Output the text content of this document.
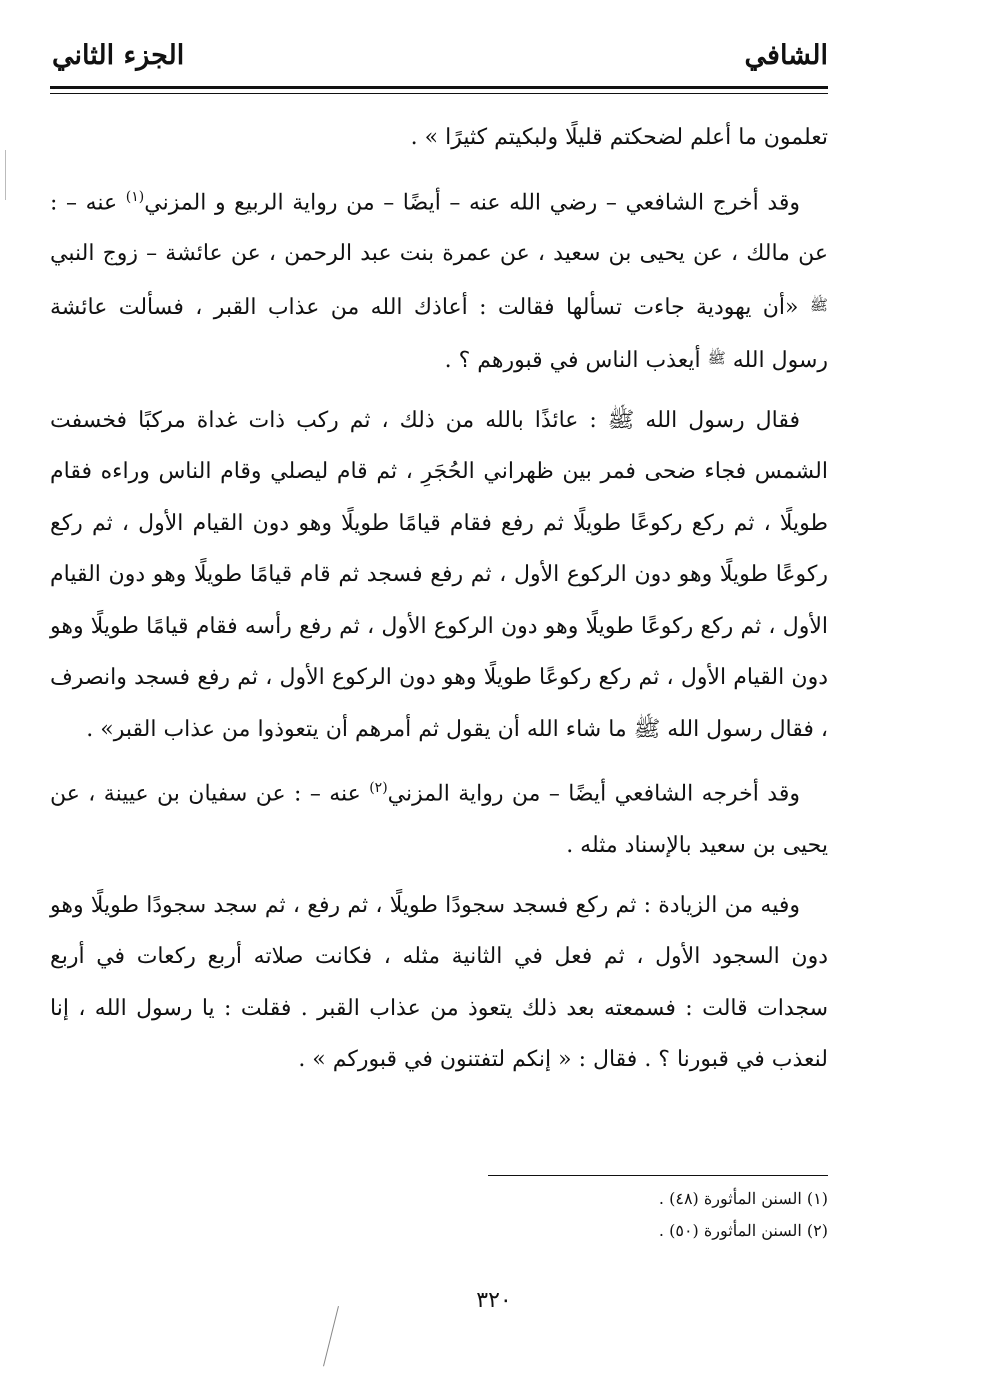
الشافي
الجزء الثاني

تعلمون ما أعلم لضحكتم قليلًا ولبكيتم كثيرًا » .

وقد أخرج الشافعي – رضي الله عنه – أيضًا – من رواية الربيع و المزني$^{(١)}$ عنه – : عن مالك ، عن يحيى بن سعيد ، عن عمرة بنت عبد الرحمن ، عن عائشة – زوج النبي ﷺ «أن يهودية جاءت تسألها فقالت : أعاذك الله من عذاب القبر ، فسألت عائشة رسول الله ﷺ أيعذب الناس في قبورهم ؟ .

فقال رسول الله ﷺ : عائذًا بالله من ذلك ، ثم ركب ذات غداة مركبًا فخسفت الشمس فجاء ضحى فمر بين ظهراني الحُجَرِ ، ثم قام ليصلي وقام الناس وراءه فقام طويلًا ، ثم ركع ركوعًا طويلًا ثم رفع فقام قيامًا طويلًا وهو دون القيام الأول ، ثم ركع ركوعًا طويلًا وهو دون الركوع الأول ، ثم رفع فسجد ثم قام قيامًا طويلًا وهو دون القيام الأول ، ثم ركع ركوعًا طويلًا وهو دون الركوع الأول ، ثم رفع رأسه فقام قيامًا طويلًا وهو دون القيام الأول ، ثم ركع ركوعًا طويلًا وهو دون الركوع الأول ، ثم رفع فسجد وانصرف ، فقال رسول الله ﷺ ما شاء الله أن يقول ثم أمرهم أن يتعوذوا من عذاب القبر» .

وقد أخرجه الشافعي أيضًا – من رواية المزني$^{(٢)}$ عنه – : عن سفيان بن عيينة ، عن يحيى بن سعيد بالإسناد مثله .

وفيه من الزيادة : ثم ركع فسجد سجودًا طويلًا ، ثم رفع ، ثم سجد سجودًا طويلًا وهو دون السجود الأول ، ثم فعل في الثانية مثله ، فكانت صلاته أربع ركعات في أربع سجدات قالت : فسمعته بعد ذلك يتعوذ من عذاب القبر . فقلت : يا رسول الله ، إنا لنعذب في قبورنا ؟ . فقال : « إنكم لتفتنون في قبوركم » .

(١) السنن المأثورة (٤٨) .

(٢) السنن المأثورة (٥٠) .

٣٢٠
